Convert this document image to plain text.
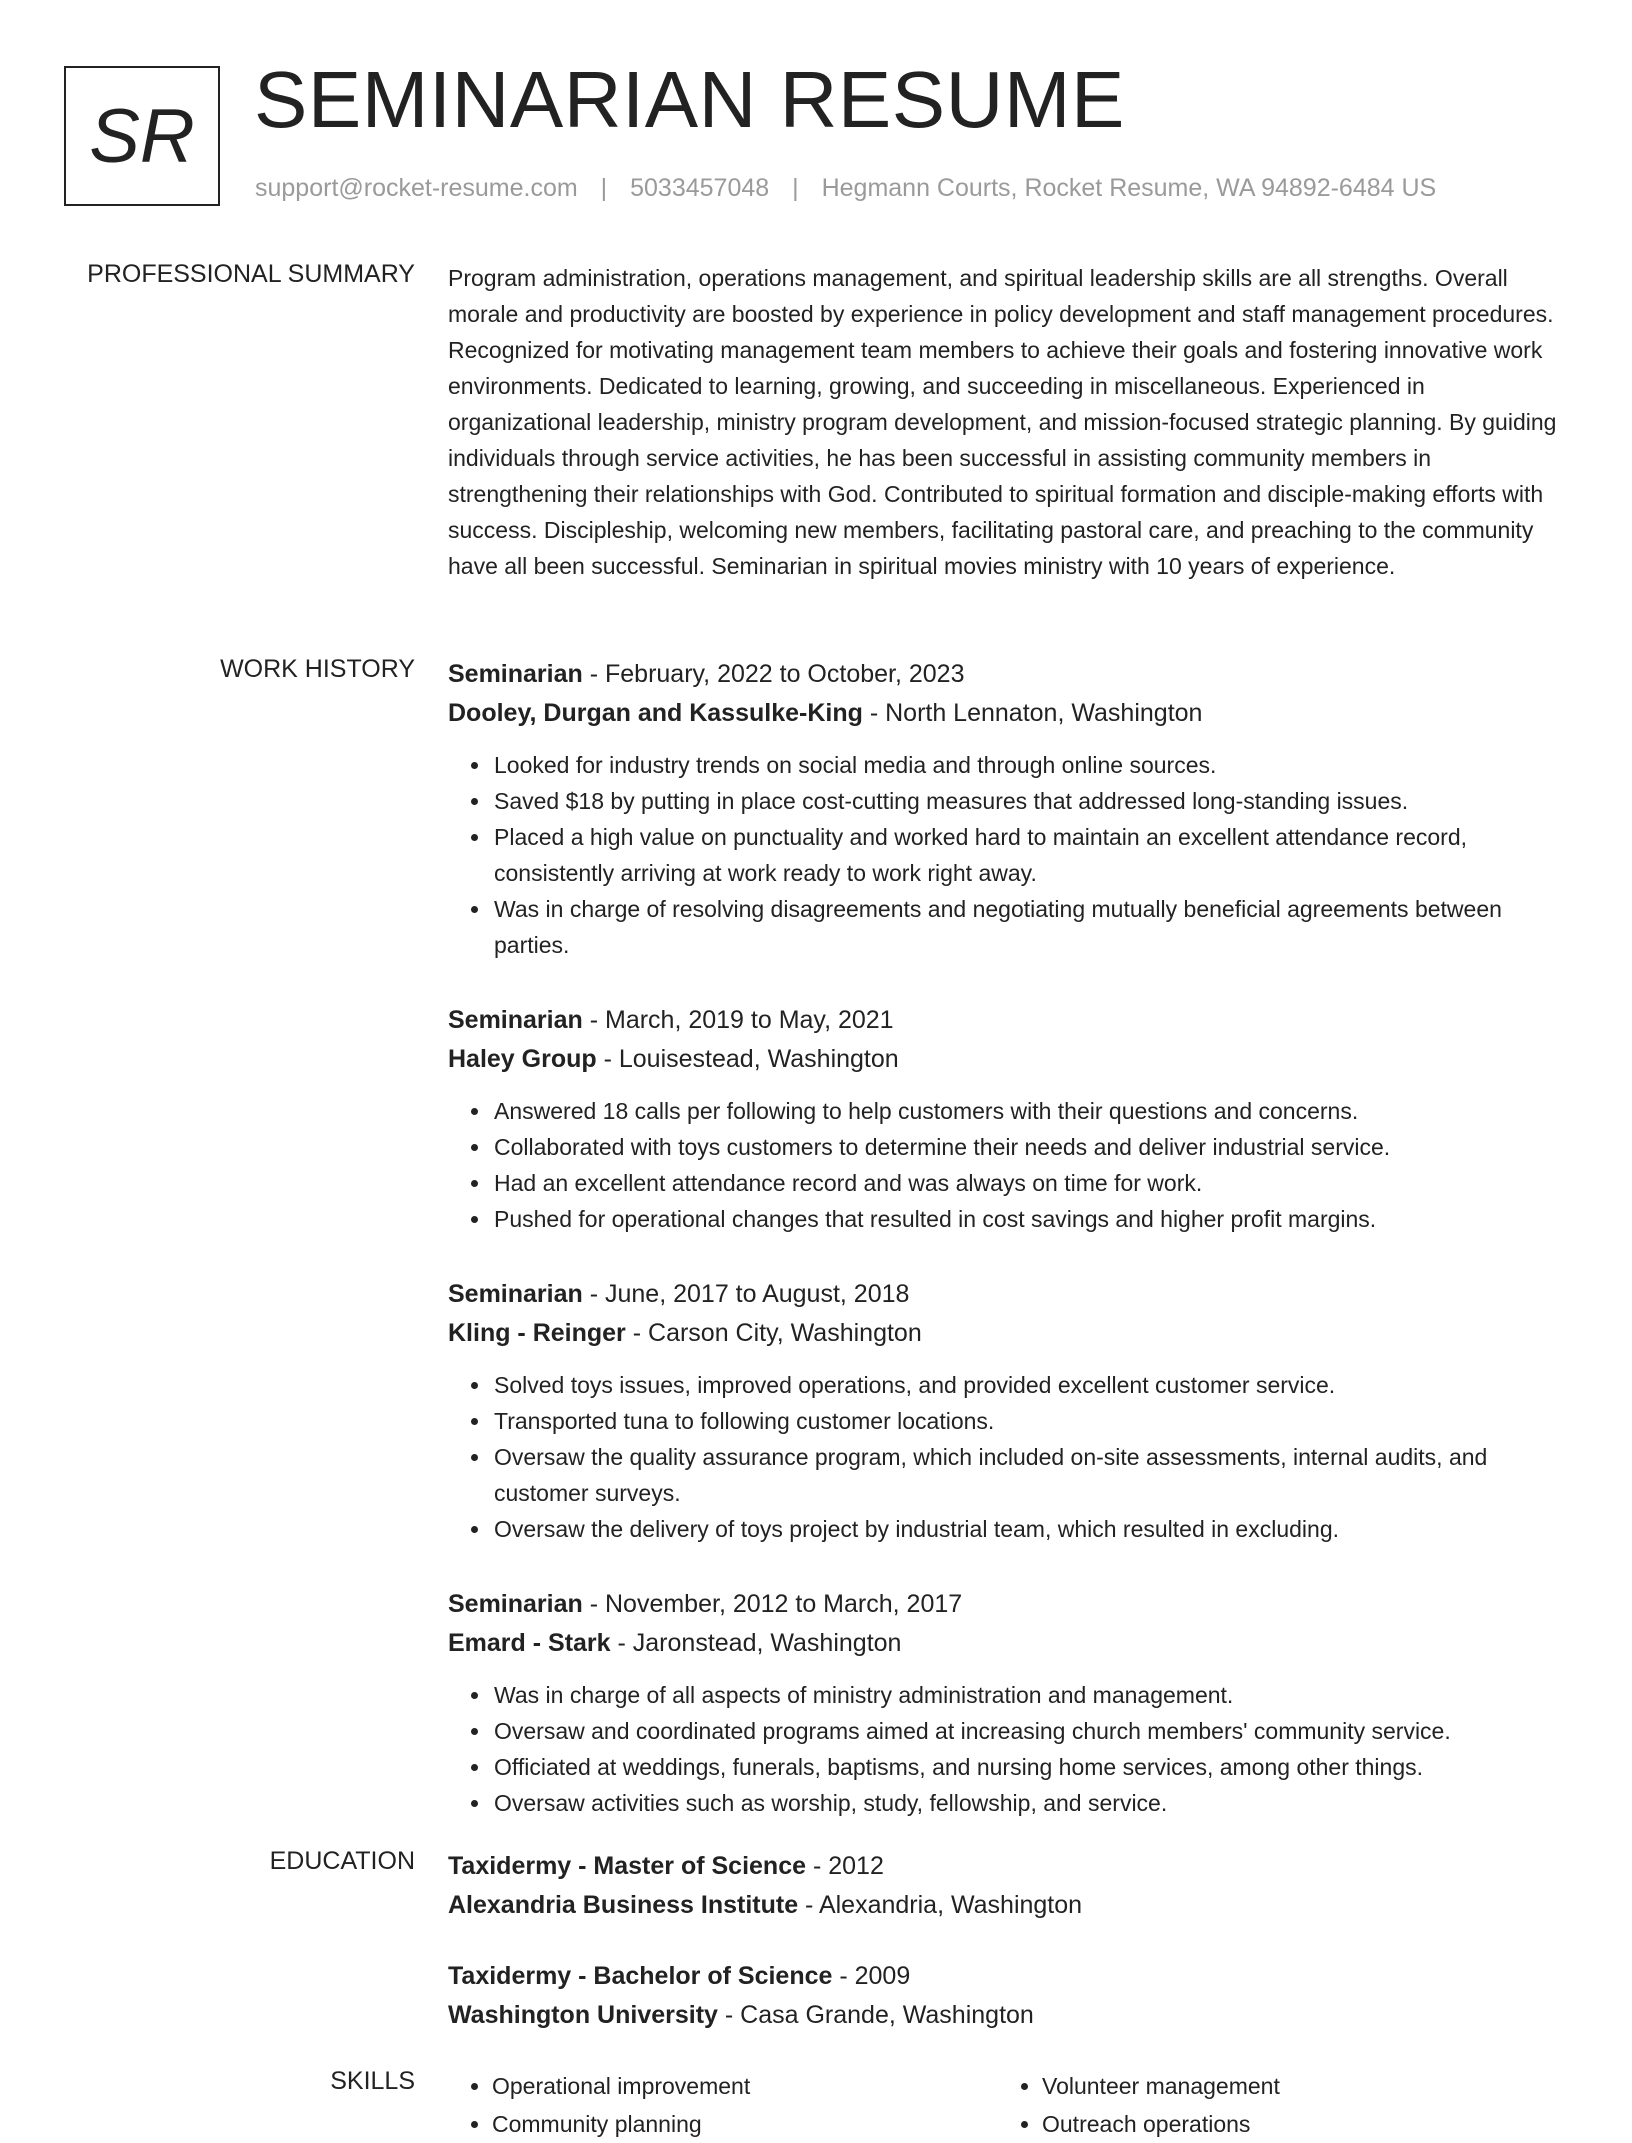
SR SEMINARIAN RESUME
support@rocket-resume.com | 5033457048 | Hegmann Courts, Rocket Resume, WA 94892-6484 US
PROFESSIONAL SUMMARY Program administration, operations management, and spiritual leadership skills are all strengths. Overall morale and productivity are boosted by experience in policy development and staff management procedures. Recognized for motivating management team members to achieve their goals and fostering innovative work environments. Dedicated to learning, growing, and succeeding in miscellaneous. Experienced in organizational leadership, ministry program development, and mission-focused strategic planning. By guiding individuals through service activities, he has been successful in assisting community members in strengthening their relationships with God. Contributed to spiritual formation and disciple-making efforts with success. Discipleship, welcoming new members, facilitating pastoral care, and preaching to the community have all been successful. Seminarian in spiritual movies ministry with 10 years of experience.

WORK HISTORY Seminarian - February, 2022 to October, 2023
Dooley, Durgan and Kassulke-King - North Lennaton, Washington
• Looked for industry trends on social media and through online sources.
• Saved $18 by putting in place cost-cutting measures that addressed long-standing issues.
• Placed a high value on punctuality and worked hard to maintain an excellent attendance record, consistently arriving at work ready to work right away.
• Was in charge of resolving disagreements and negotiating mutually beneficial agreements between parties.
Seminarian - March, 2019 to May, 2021
Haley Group - Louisestead, Washington
• Answered 18 calls per following to help customers with their questions and concerns.
• Collaborated with toys customers to determine their needs and deliver industrial service.
• Had an excellent attendance record and was always on time for work.
• Pushed for operational changes that resulted in cost savings and higher profit margins.
Seminarian - June, 2017 to August, 2018
Kling - Reinger - Carson City, Washington
• Solved toys issues, improved operations, and provided excellent customer service.
• Transported tuna to following customer locations.
• Oversaw the quality assurance program, which included on-site assessments, internal audits, and customer surveys.
• Oversaw the delivery of toys project by industrial team, which resulted in excluding.
Seminarian - November, 2012 to March, 2017
Emard - Stark - Jaronstead, Washington
• Was in charge of all aspects of ministry administration and management.
• Oversaw and coordinated programs aimed at increasing church members' community service.
• Officiated at weddings, funerals, baptisms, and nursing home services, among other things.
• Oversaw activities such as worship, study, fellowship, and service.
EDUCATION Taxidermy - Master of Science - 2012
Alexandria Business Institute - Alexandria, Washington
Taxidermy - Bachelor of Science - 2009
Washington University - Casa Grande, Washington
SKILLS
•	Operational improvement
• Community planning
• Volunteer management
• Outreach operations
